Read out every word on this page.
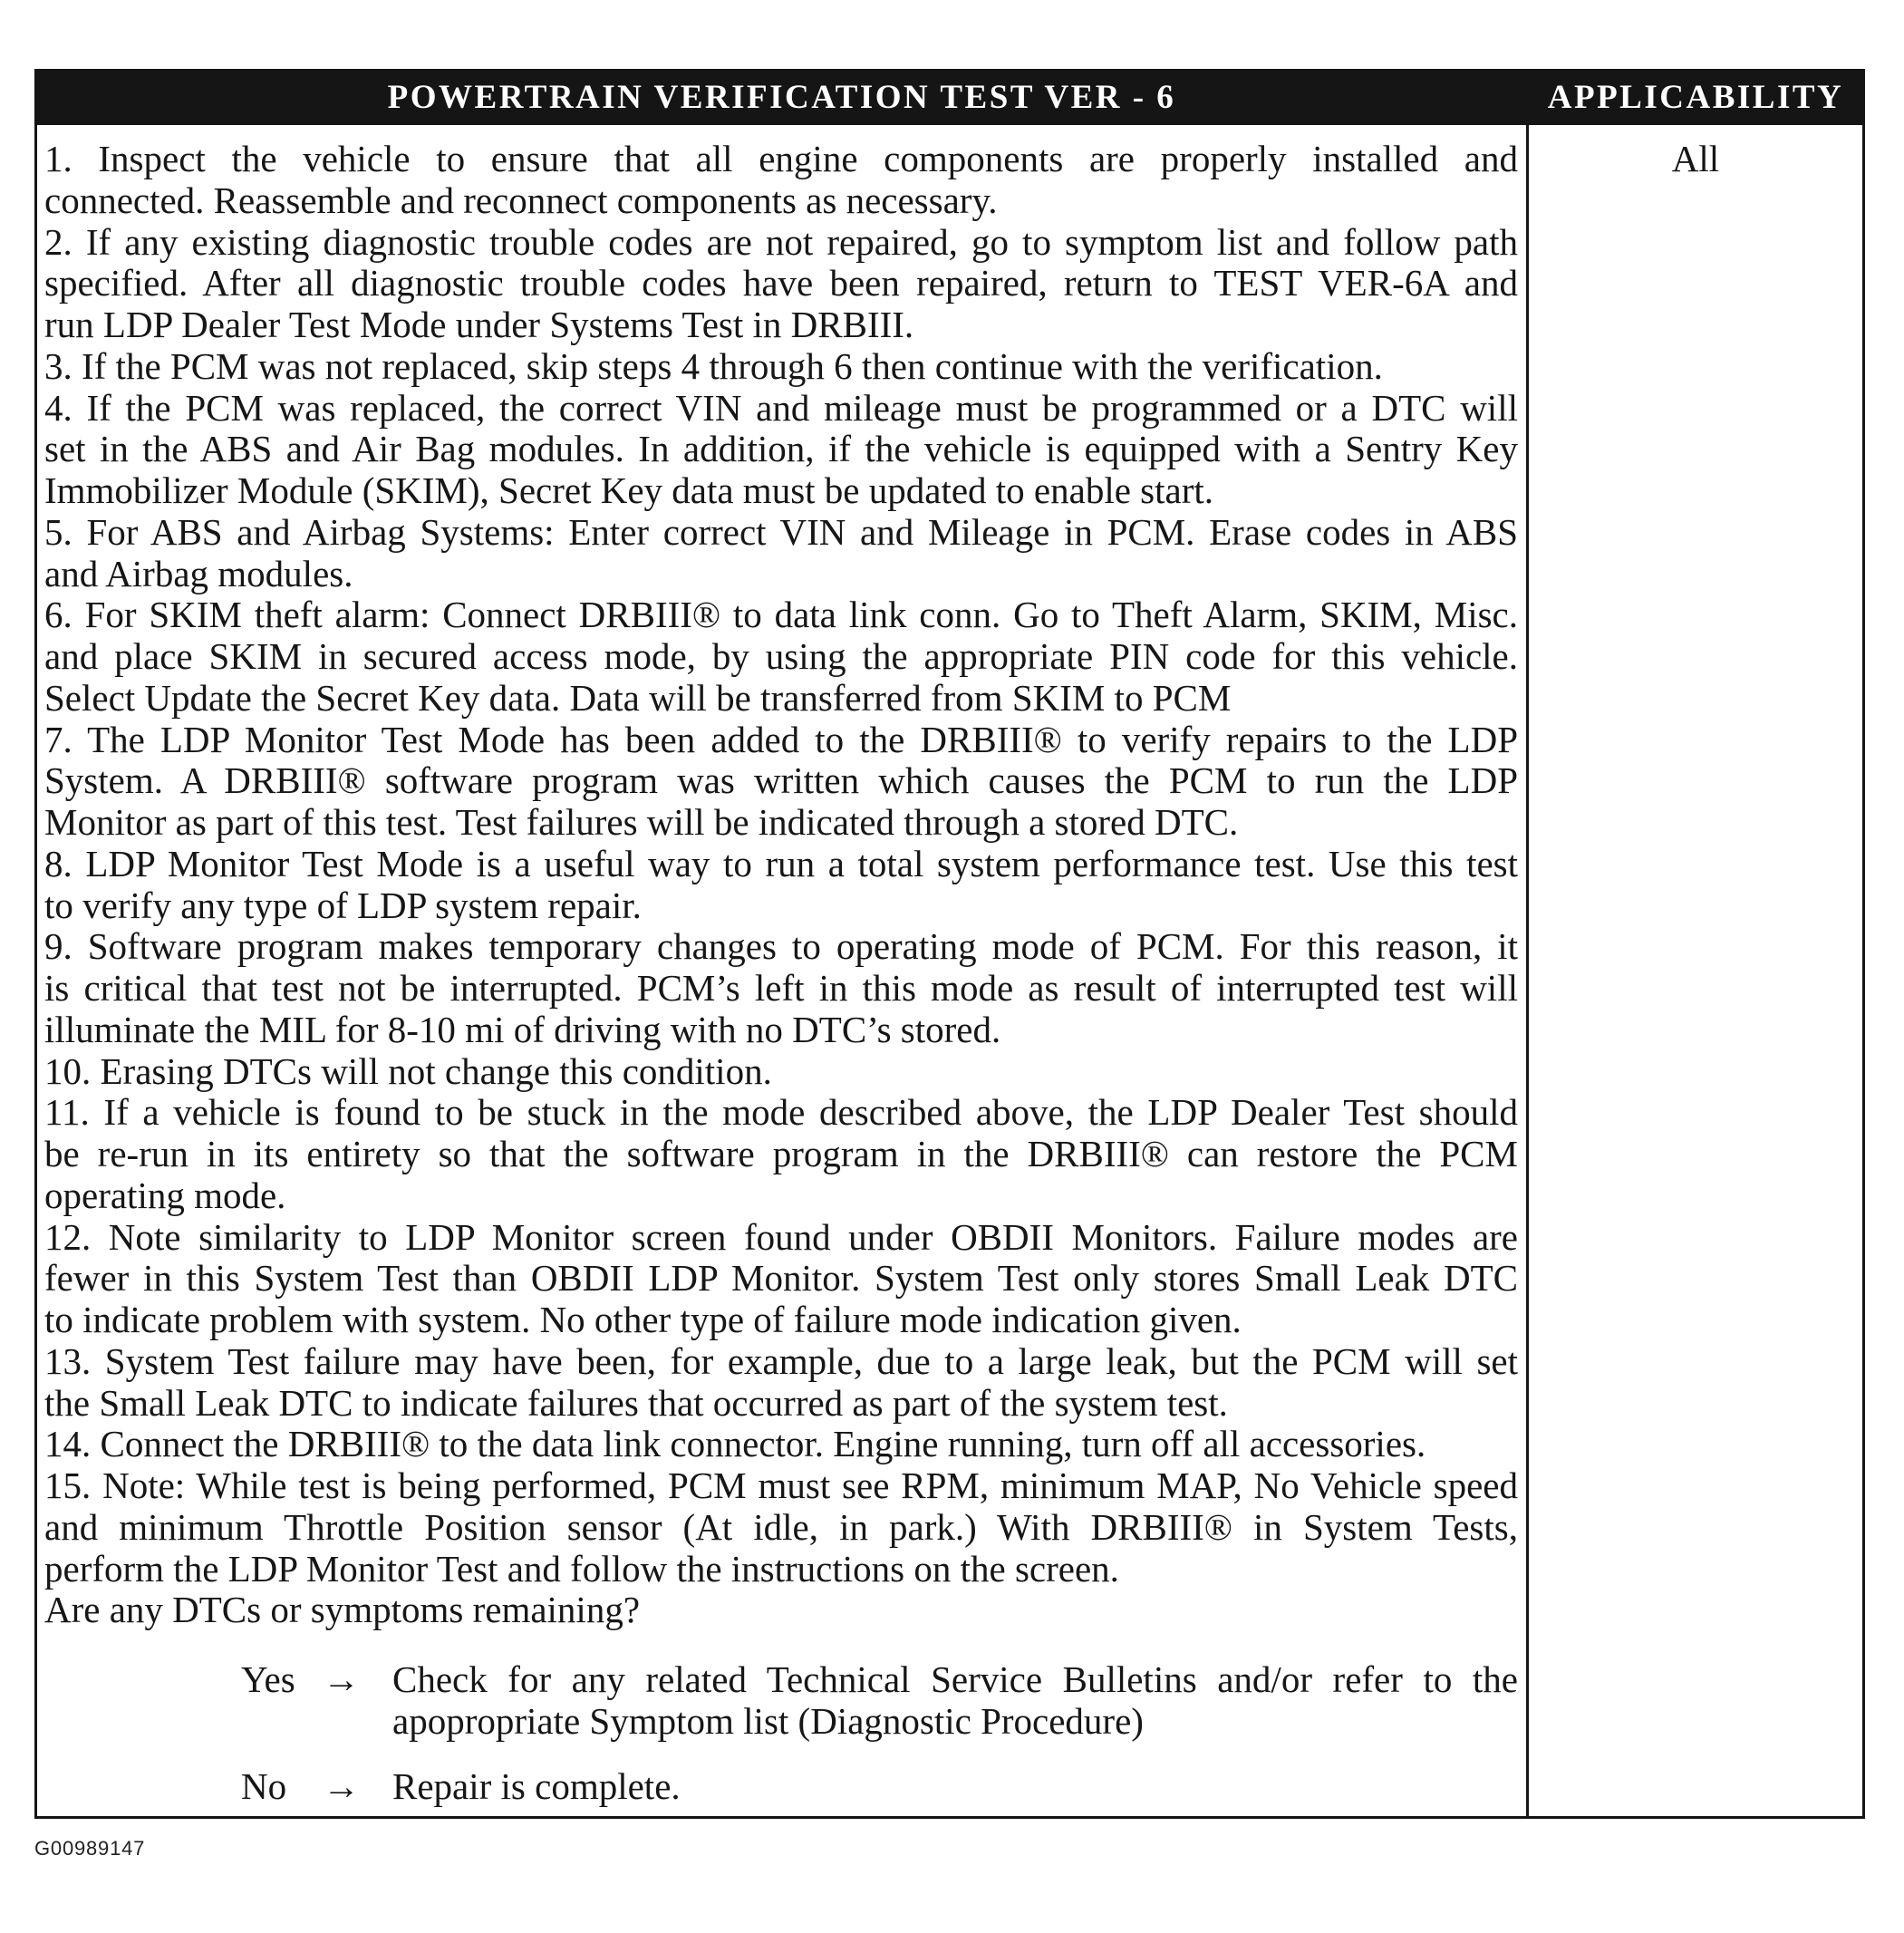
POWERTRAIN VERIFICATION TEST VER - 6	APPLICABILITY
All
1. Inspect the vehicle to ensure that all engine components are properly installed and
connected. Reassemble and reconnect components as necessary.
2. If any existing diagnostic trouble codes are not repaired, go to symptom list and follow path
specified. After all diagnostic trouble codes have been repaired, return to TEST VER-6A and
run LDP Dealer Test Mode under Systems Test in DRBIII.
3. If the PCM was not replaced, skip steps 4 through 6 then continue with the verification.
4. If the PCM was replaced, the correct VIN and mileage must be programmed or a DTC will
set in the ABS and Air Bag modules. In addition, if the vehicle is equipped with a Sentry Key
Immobilizer Module (SKIM), Secret Key data must be updated to enable start.
5. For ABS and Airbag Systems: Enter correct VIN and Mileage in PCM. Erase codes in ABS
and Airbag modules.
6. For SKIM theft alarm: Connect DRBIII® to data link conn. Go to Theft Alarm, SKIM, Misc.
and place SKIM in secured access mode, by using the appropriate PIN code for this vehicle.
Select Update the Secret Key data. Data will be transferred from SKIM to PCM
7. The LDP Monitor Test Mode has been added to the DRBIII® to verify repairs to the LDP
System. A DRBIII® software program was written which causes the PCM to run the LDP
Monitor as part of this test. Test failures will be indicated through a stored DTC.
8. LDP Monitor Test Mode is a useful way to run a total system performance test. Use this test
to verify any type of LDP system repair.
9. Software program makes temporary changes to operating mode of PCM. For this reason, it
is critical that test not be interrupted. PCM’s left in this mode as result of interrupted test will
illuminate the MIL for 8-10 mi of driving with no DTC’s stored.
10. Erasing DTCs will not change this condition.
11. If a vehicle is found to be stuck in the mode described above, the LDP Dealer Test should
be re-run in its entirety so that the software program in the DRBIII® can restore the PCM
operating mode.
12. Note similarity to LDP Monitor screen found under OBDII Monitors. Failure modes are
fewer in this System Test than OBDII LDP Monitor. System Test only stores Small Leak DTC
to indicate problem with system. No other type of failure mode indication given.
13. System Test failure may have been, for example, due to a large leak, but the PCM will set
the Small Leak DTC to indicate failures that occurred as part of the system test.
14. Connect the DRBIII® to the data link connector. Engine running, turn off all accessories.
15. Note: While test is being performed, PCM must see RPM, minimum MAP, No Vehicle speed
and minimum Throttle Position sensor (At idle, in park.) With DRBIII® in System Tests,
perform the LDP Monitor Test and follow the instructions on the screen.
Are any DTCs or symptoms remaining?
Yes → Check for any related Technical Service Bulletins and/or refer to the
apopropriate Symptom list (Diagnostic Procedure)
No → Repair is complete.
G00989147
